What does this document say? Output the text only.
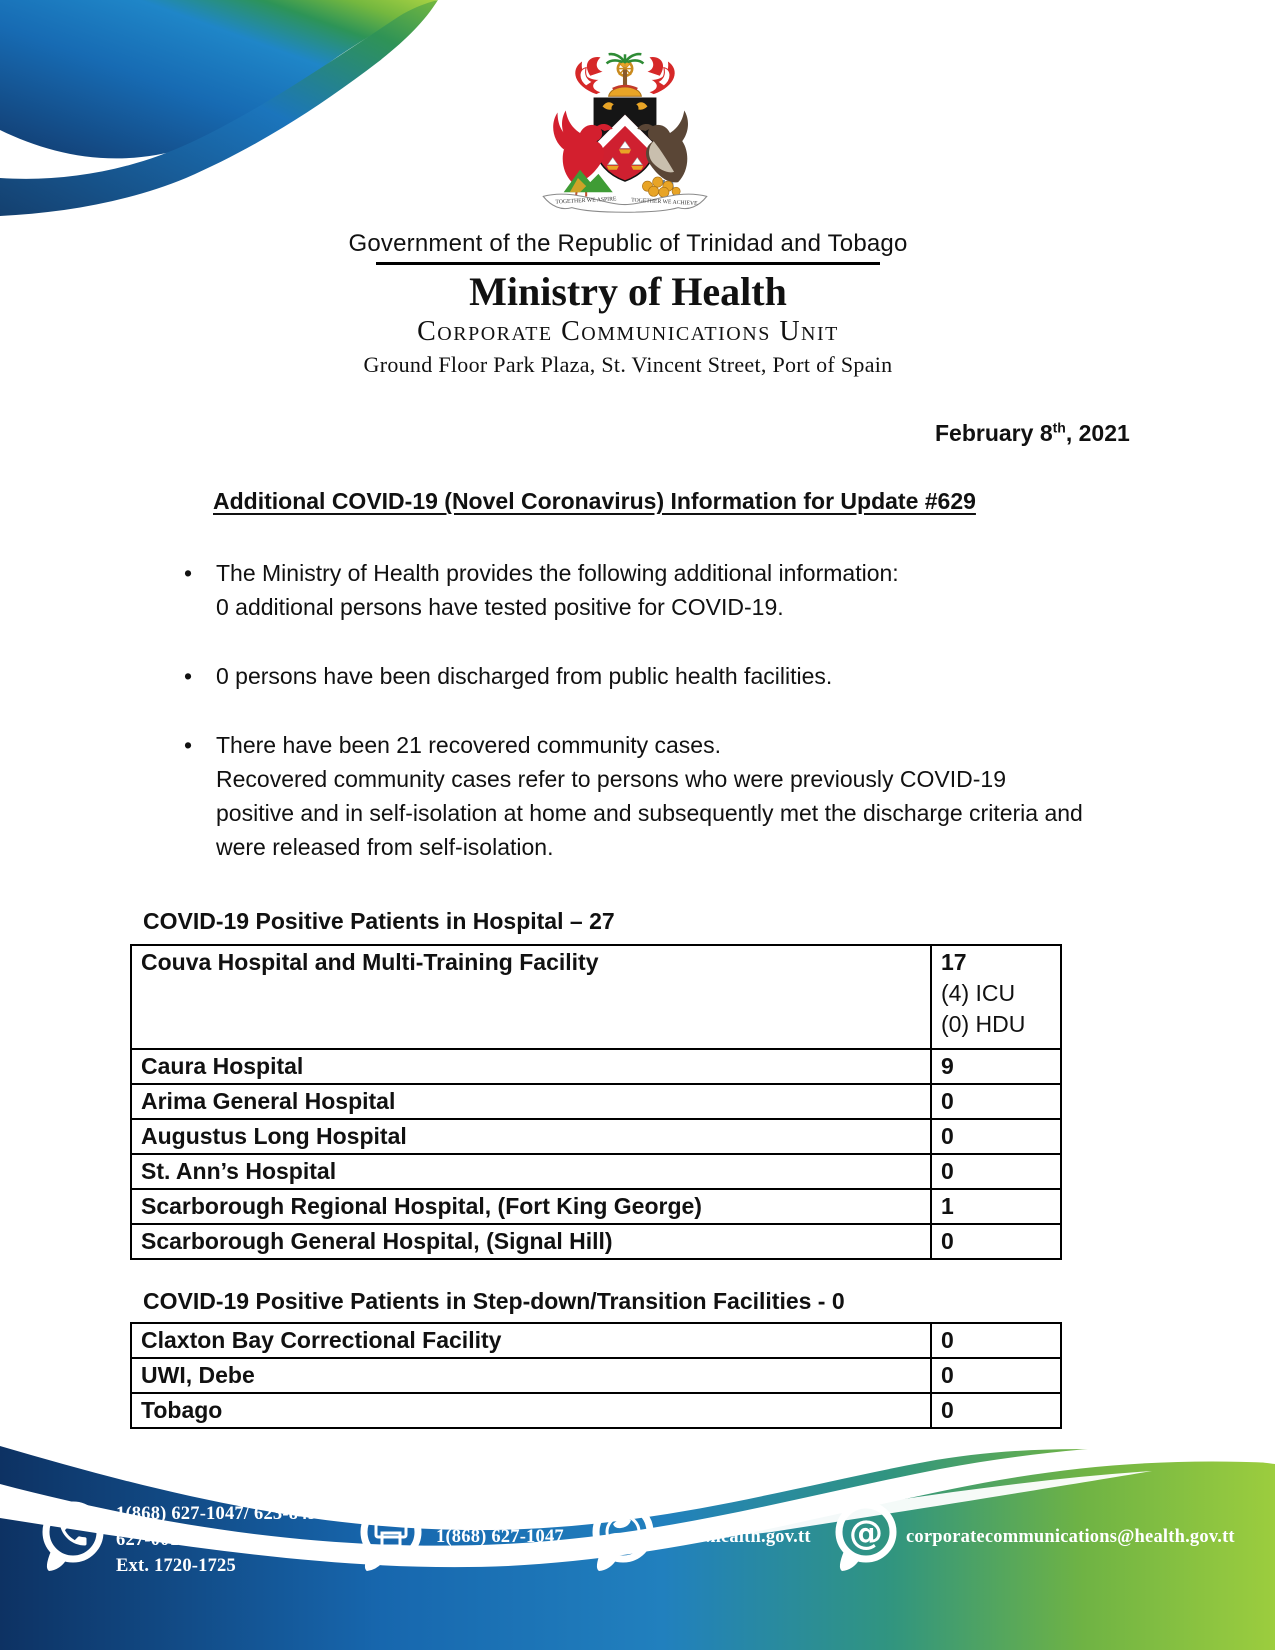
TOGETHER WE ASPIRE	TOGETHER WE ACHIEVE
Government of the Republic of Trinidad and Tobago
Ministry of Health
Corporate Communications Unit
Ground Floor Park Plaza, St. Vincent Street, Port of Spain
February 8th, 2021
Additional COVID-19 (Novel Coronavirus) Information for Update #629
• The Ministry of Health provides the following additional information:
0 additional persons have tested positive for COVID-19.
• 0 persons have been discharged from public health facilities.
• There have been 21 recovered community cases.
Recovered community cases refer to persons who were previously COVID-19 positive and in self-isolation at home and subsequently met the discharge criteria and were released from self-isolation.
COVID-19 Positive Patients in Hospital – 27
Couva Hospital and Multi-Training Facility	17
(4) ICU
(0) HDU

Caura Hospital	9

Arima General Hospital	0

Augustus Long Hospital	0

St. Ann’s Hospital	0

Scarborough Regional Hospital, (Fort King George)	1

Scarborough General Hospital, (Signal Hill)	0
COVID-19 Positive Patients in Step-down/Transition Facilities - 0
Claxton Bay Correctional Facility	0

UWI, Debe	0

Tobago	0
1(868) 627-1047/ 623-8492 or
627-0010/12/14
Ext. 1720-1725
1(868) 627-1047	www.health.gov.tt @ corporatecommunications@health.gov.tt
